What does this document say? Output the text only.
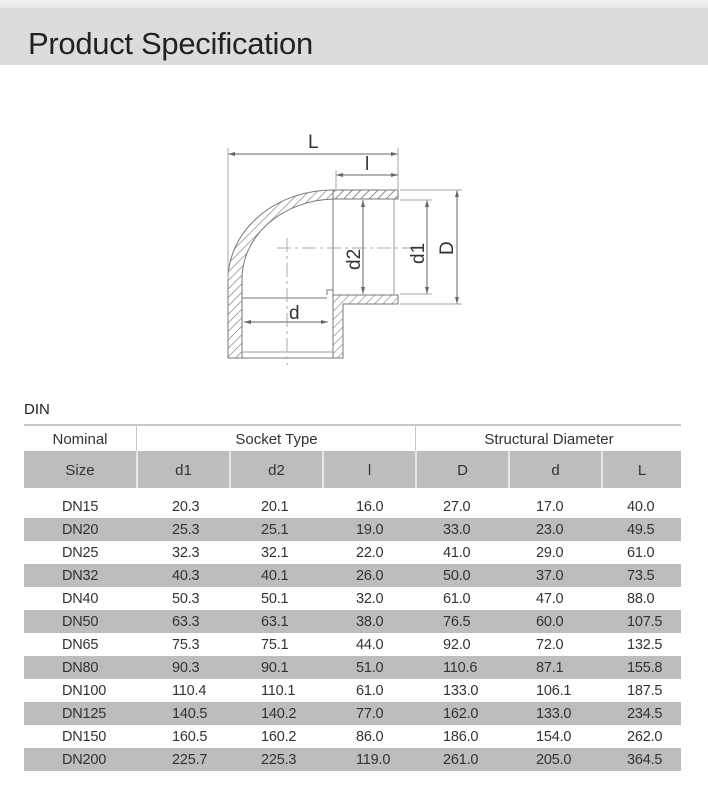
Product Specification
L
l
d
d2 d1 D
DIN
Nominal	Socket Type	Structural Diameter
Size	d1	d2	l	D	d	L
DN15	20.3	20.1	16.0	27.0	17.0	40.0
DN20	25.3	25.1	19.0	33.0	23.0	49.5
DN25	32.3	32.1	22.0	41.0	29.0	61.0
DN32	40.3	40.1	26.0	50.0	37.0	73.5
DN40	50.3	50.1	32.0	61.0	47.0	88.0
DN50	63.3	63.1	38.0	76.5	60.0	107.5
DN65	75.3	75.1	44.0	92.0	72.0	132.5
DN80	90.3	90.1	51.0	110.6	87.1	155.8
DN100	110.4	110.1	61.0	133.0	106.1	187.5
DN125	140.5	140.2	77.0	162.0	133.0	234.5
DN150	160.5	160.2	86.0	186.0	154.0	262.0
DN200	225.7	225.3	119.0	261.0	205.0	364.5
